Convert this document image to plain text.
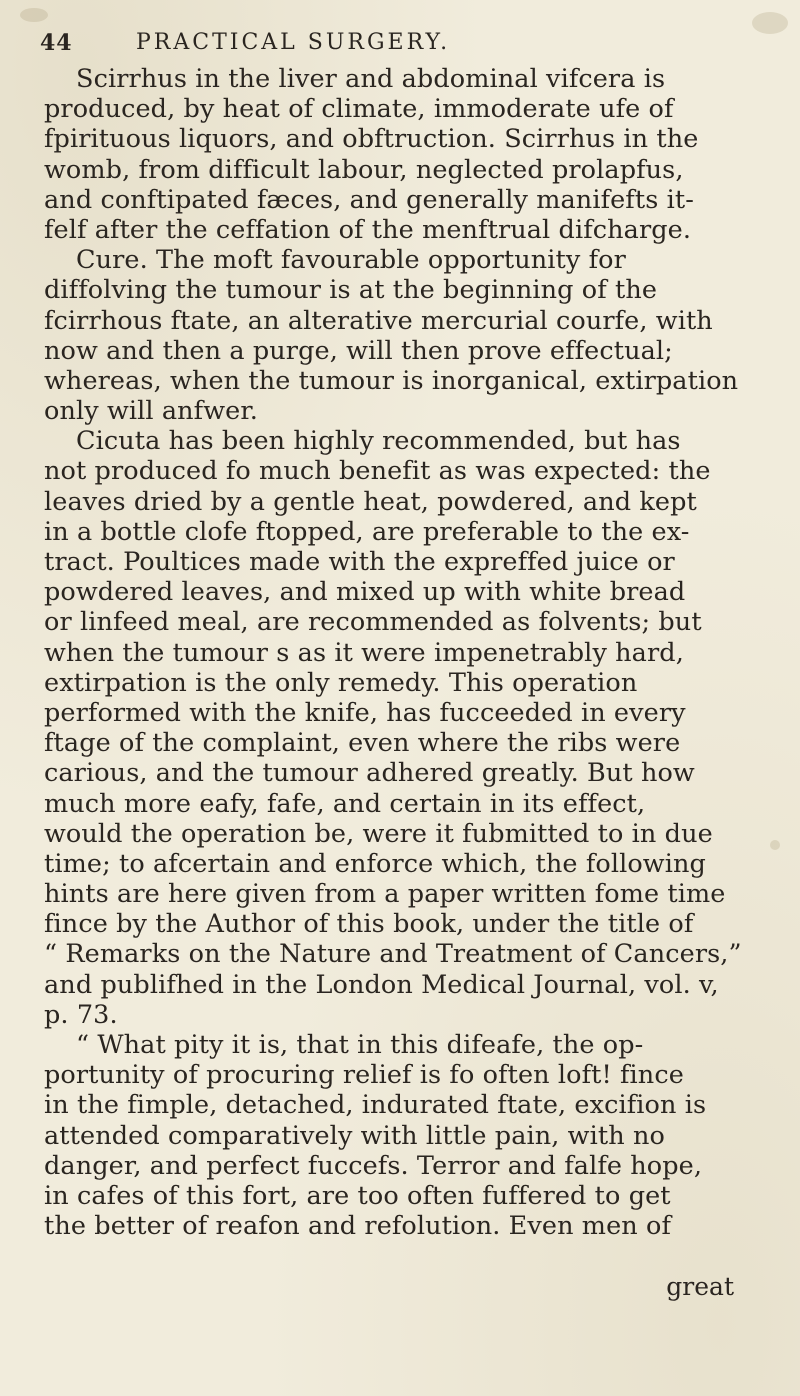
44	PRACTICAL SURGERY.
Scirrhus in the liver and abdominal vifcera is
produced, by heat of climate, immoderate ufe of
fpirituous liquors, and obftruction. Scirrhus in the
womb, from difficult labour, neglected prolapfus,
and conftipated fæces, and generally manifefts it-
felf after the ceffation of the menftrual difcharge.
Cure. The moft favourable opportunity for
diffolving the tumour is at the beginning of the
fcirrhous ftate, an alterative mercurial courfe, with
now and then a purge, will then prove effectual;
whereas, when the tumour is inorganical, extirpation
only will anfwer.
Cicuta has been highly recommended, but has
not produced fo much benefit as was expected: the
leaves dried by a gentle heat, powdered, and kept
in a bottle clofe ftopped, are preferable to the ex-
tract. Poultices made with the expreffed juice or
powdered leaves, and mixed up with white bread
or linfeed meal, are recommended as folvents; but
when the tumour s as it were impenetrably hard,
extirpation is the only remedy. This operation
performed with the knife, has fucceeded in every
ftage of the complaint, even where the ribs were
carious, and the tumour adhered greatly. But how
much more eafy, fafe, and certain in its effect,
would the operation be, were it fubmitted to in due
time; to afcertain and enforce which, the following
hints are here given from a paper written fome time
fince by the Author of this book, under the title of
“ Remarks on the Nature and Treatment of Cancers,”
and publifhed in the London Medical Journal, vol. v,
p. 73.
“ What pity it is, that in this difeafe, the op-
portunity of procuring relief is fo often loft! fince
in the fimple, detached, indurated ftate, excifion is
attended comparatively with little pain, with no
danger, and perfect fuccefs. Terror and falfe hope,
in cafes of this fort, are too often fuffered to get
the better of reafon and refolution. Even men of
great
